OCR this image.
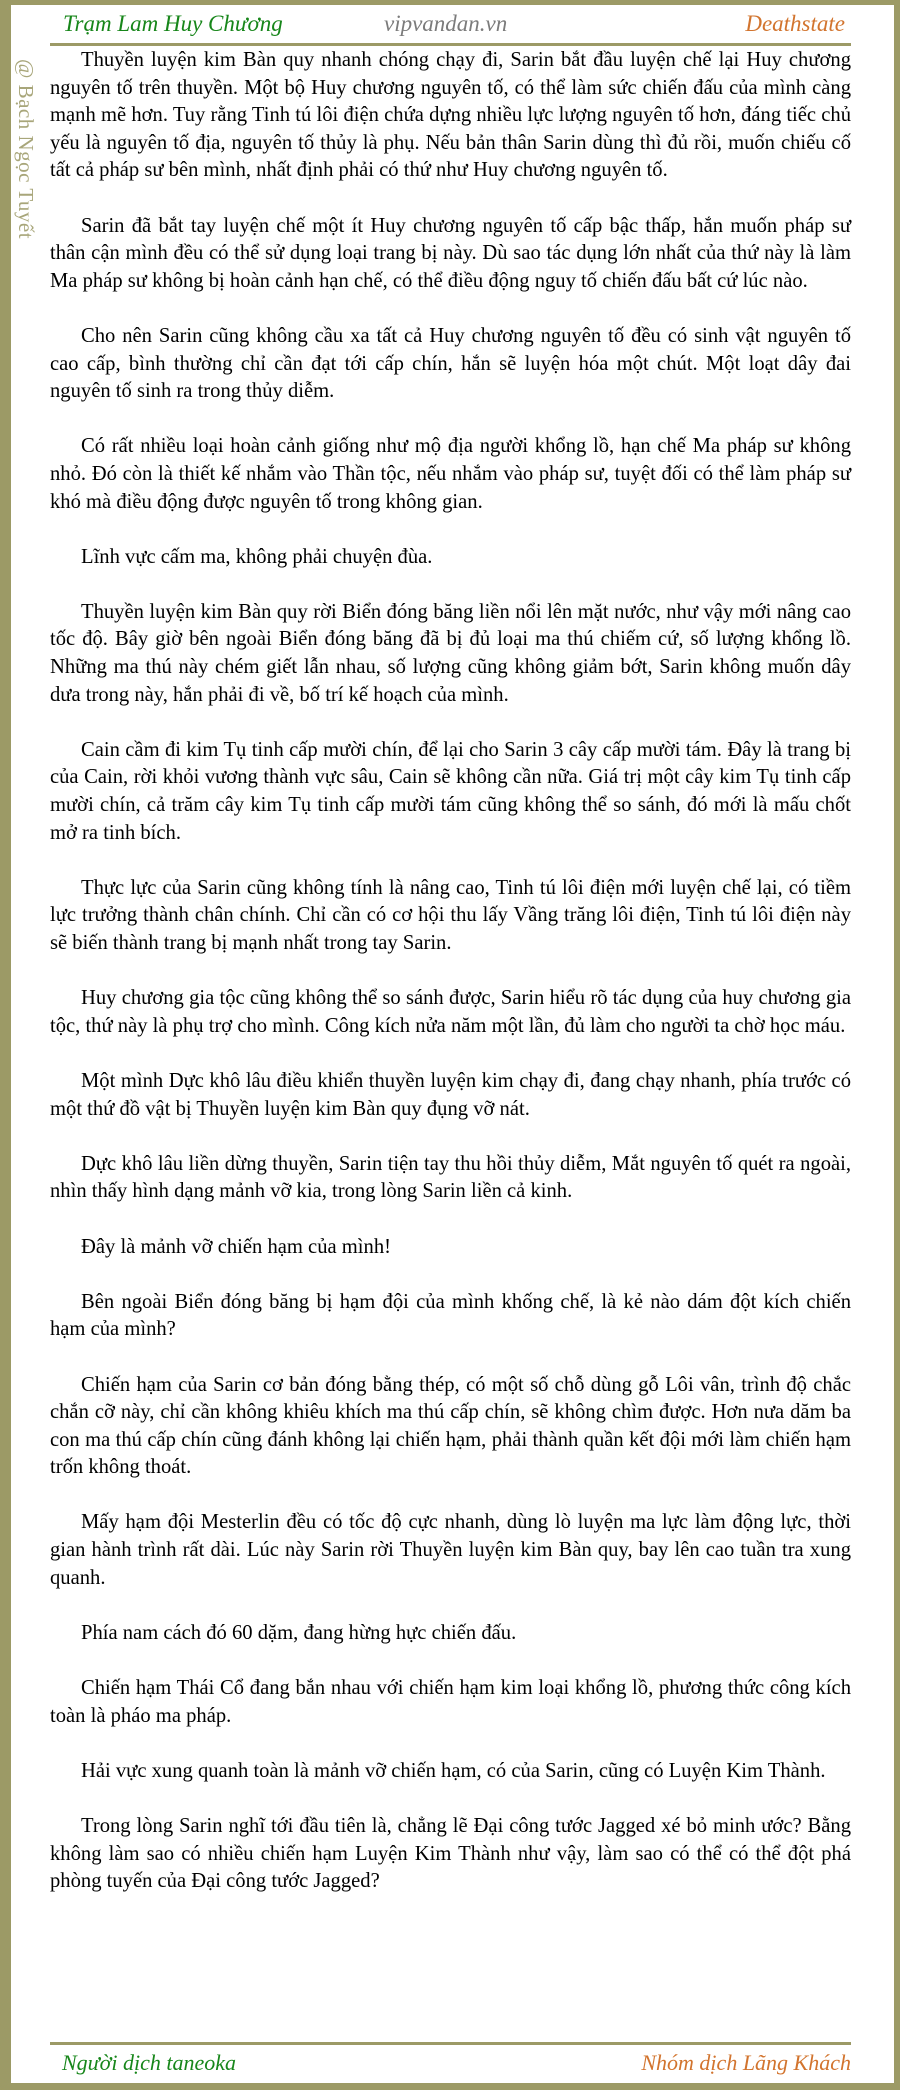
Trạm Lam Huy Chương	vipvandan.vn	Deathstate
@ Bạch Ngọc Tuyết	Thuyền luyện kim Bàn quy nhanh chóng chạy đi, Sarin bắt đầu luyện chế lại Huy chương nguyên tố trên thuyền. Một bộ Huy chương nguyên tố, có thể làm sức chiến đấu của mình càng mạnh mẽ hơn. Tuy rằng Tinh tú lôi điện chứa dựng nhiều lực lượng nguyên tố hơn, đáng tiếc chủ yếu là nguyên tố địa, nguyên tố thủy là phụ. Nếu bản thân Sarin dùng thì đủ rồi, muốn chiếu cố tất cả pháp sư bên mình, nhất định phải có thứ như Huy chương nguyên tố.

Sarin đã bắt tay luyện chế một ít Huy chương nguyên tố cấp bậc thấp, hắn muốn pháp sư thân cận mình đều có thể sử dụng loại trang bị này. Dù sao tác dụng lớn nhất của thứ này là làm Ma pháp sư không bị hoàn cảnh hạn chế, có thể điều động nguy tố chiến đấu bất cứ lúc nào.

Cho nên Sarin cũng không cầu xa tất cả Huy chương nguyên tố đều có sinh vật nguyên tố cao cấp, bình thường chỉ cần đạt tới cấp chín, hắn sẽ luyện hóa một chút. Một loạt dây đai nguyên tố sinh ra trong thủy diễm.

Có rất nhiều loại hoàn cảnh giống như mộ địa người khổng lồ, hạn chế Ma pháp sư không nhỏ. Đó còn là thiết kế nhắm vào Thần tộc, nếu nhắm vào pháp sư, tuyệt đối có thể làm pháp sư khó mà điều động được nguyên tố trong không gian.

Lĩnh vực cấm ma, không phải chuyện đùa.

Thuyền luyện kim Bàn quy rời Biển đóng băng liền nổi lên mặt nước, như vậy mới nâng cao tốc độ. Bây giờ bên ngoài Biển đóng băng đã bị đủ loại ma thú chiếm cứ, số lượng khổng lồ. Những ma thú này chém giết lẫn nhau, số lượng cũng không giảm bớt, Sarin không muốn dây dưa trong này, hắn phải đi về, bố trí kế hoạch của mình.

Cain cầm đi kim Tụ tinh cấp mười chín, để lại cho Sarin 3 cây cấp mười tám. Đây là trang bị của Cain, rời khỏi vương thành vực sâu, Cain sẽ không cần nữa. Giá trị một cây kim Tụ tinh cấp mười chín, cả trăm cây kim Tụ tinh cấp mười tám cũng không thể so sánh, đó mới là mấu chốt mở ra tinh bích.

Thực lực của Sarin cũng không tính là nâng cao, Tinh tú lôi điện mới luyện chế lại, có tiềm lực trưởng thành chân chính. Chỉ cần có cơ hội thu lấy Vầng trăng lôi điện, Tinh tú lôi điện này sẽ biến thành trang bị mạnh nhất trong tay Sarin.

Huy chương gia tộc cũng không thể so sánh được, Sarin hiểu rõ tác dụng của huy chương gia tộc, thứ này là phụ trợ cho mình. Công kích nửa năm một lần, đủ làm cho người ta chờ học máu.

Một mình Dực khô lâu điều khiển thuyền luyện kim chạy đi, đang chạy nhanh, phía trước có một thứ đồ vật bị Thuyền luyện kim Bàn quy đụng vỡ nát.

Dực khô lâu liền dừng thuyền, Sarin tiện tay thu hồi thủy diễm, Mắt nguyên tố quét ra ngoài, nhìn thấy hình dạng mảnh vỡ kia, trong lòng Sarin liền cả kinh.

Đây là mảnh vỡ chiến hạm của mình!

Bên ngoài Biển đóng băng bị hạm đội của mình khống chế, là kẻ nào dám đột kích chiến hạm của mình?

Chiến hạm của Sarin cơ bản đóng bằng thép, có một số chỗ dùng gỗ Lôi vân, trình độ chắc chắn cỡ này, chỉ cần không khiêu khích ma thú cấp chín, sẽ không chìm được. Hơn nưa dăm ba con ma thú cấp chín cũng đánh không lại chiến hạm, phải thành quần kết đội mới làm chiến hạm trốn không thoát.

Mấy hạm đội Mesterlin đều có tốc độ cực nhanh, dùng lò luyện ma lực làm động lực, thời gian hành trình rất dài. Lúc này Sarin rời Thuyền luyện kim Bàn quy, bay lên cao tuần tra xung quanh.

Phía nam cách đó 60 dặm, đang hừng hực chiến đấu.

Chiến hạm Thái Cổ đang bắn nhau với chiến hạm kim loại khổng lồ, phương thức công kích toàn là pháo ma pháp.

Hải vực xung quanh toàn là mảnh vỡ chiến hạm, có của Sarin, cũng có Luyện Kim Thành.

Trong lòng Sarin nghĩ tới đầu tiên là, chẳng lẽ Đại công tước Jagged xé bỏ minh ước? Bằng không làm sao có nhiều chiến hạm Luyện Kim Thành như vậy, làm sao có thể có thể đột phá phòng tuyến của Đại công tước Jagged?

Người dịch taneoka	Nhóm dịch Lãng Khách
